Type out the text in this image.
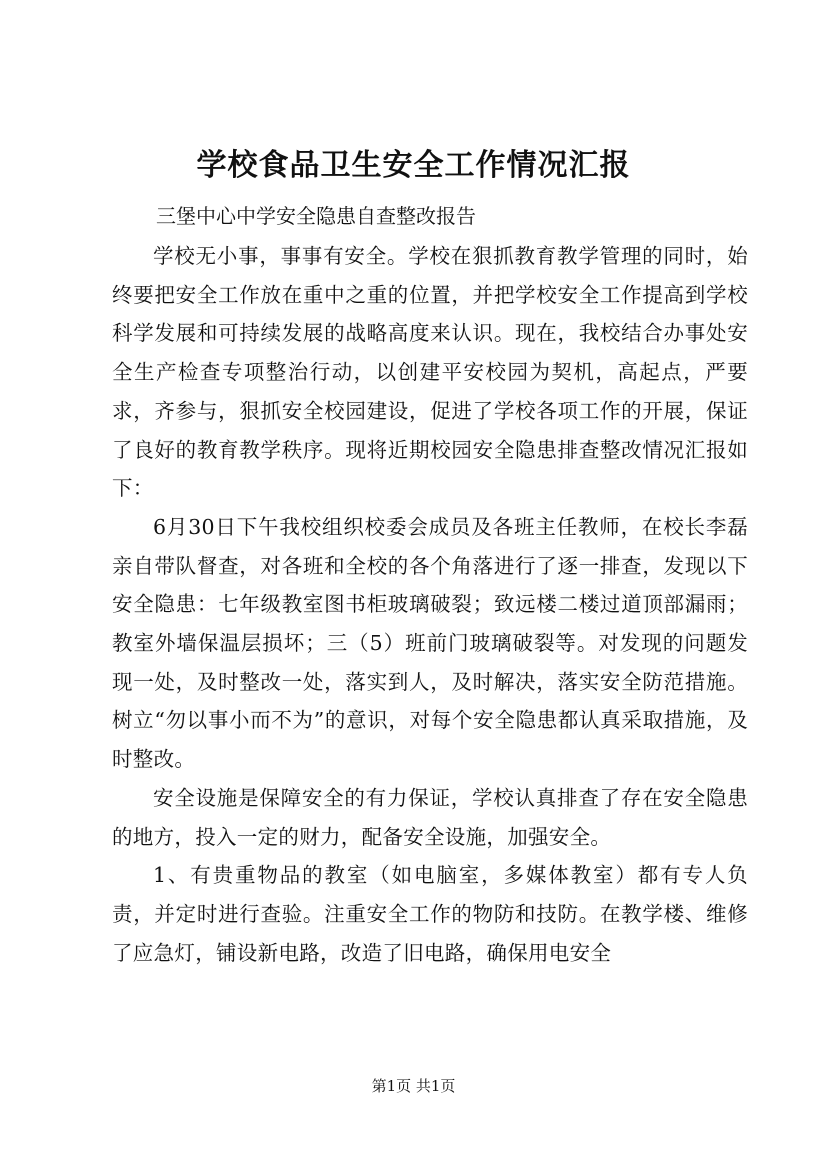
学校食品卫生安全工作情况汇报

三堡中心中学安全隐患自查整改报告

学校无小事，事事有安全。学校在狠抓教育教学管理的同时，始终要把安全工作放在重中之重的位置，并把学校安全工作提高到学校科学发展和可持续发展的战略高度来认识。现在，我校结合办事处安全生产检查专项整治行动，以创建平安校园为契机，高起点，严要求，齐参与，狠抓安全校园建设，促进了学校各项工作的开展，保证了良好的教育教学秩序。现将近期校园安全隐患排查整改情况汇报如下：

6月30日下午我校组织校委会成员及各班主任教师，在校长李磊亲自带队督查，对各班和全校的各个角落进行了逐一排查，发现以下安全隐患：七年级教室图书柜玻璃破裂；致远楼二楼过道顶部漏雨；教室外墙保温层损坏；三（5）班前门玻璃破裂等。对发现的问题发现一处，及时整改一处，落实到人，及时解决，落实安全防范措施。树立“勿以事小而不为”的意识，对每个安全隐患都认真采取措施，及时整改。

安全设施是保障安全的有力保证，学校认真排查了存在安全隐患的地方，投入一定的财力，配备安全设施，加强安全。

1、有贵重物品的教室（如电脑室，多媒体教室）都有专人负责，并定时进行查验。注重安全工作的物防和技防。在教学楼、维修了应急灯，铺设新电路，改造了旧电路，确保用电安全

第1页 共1页
